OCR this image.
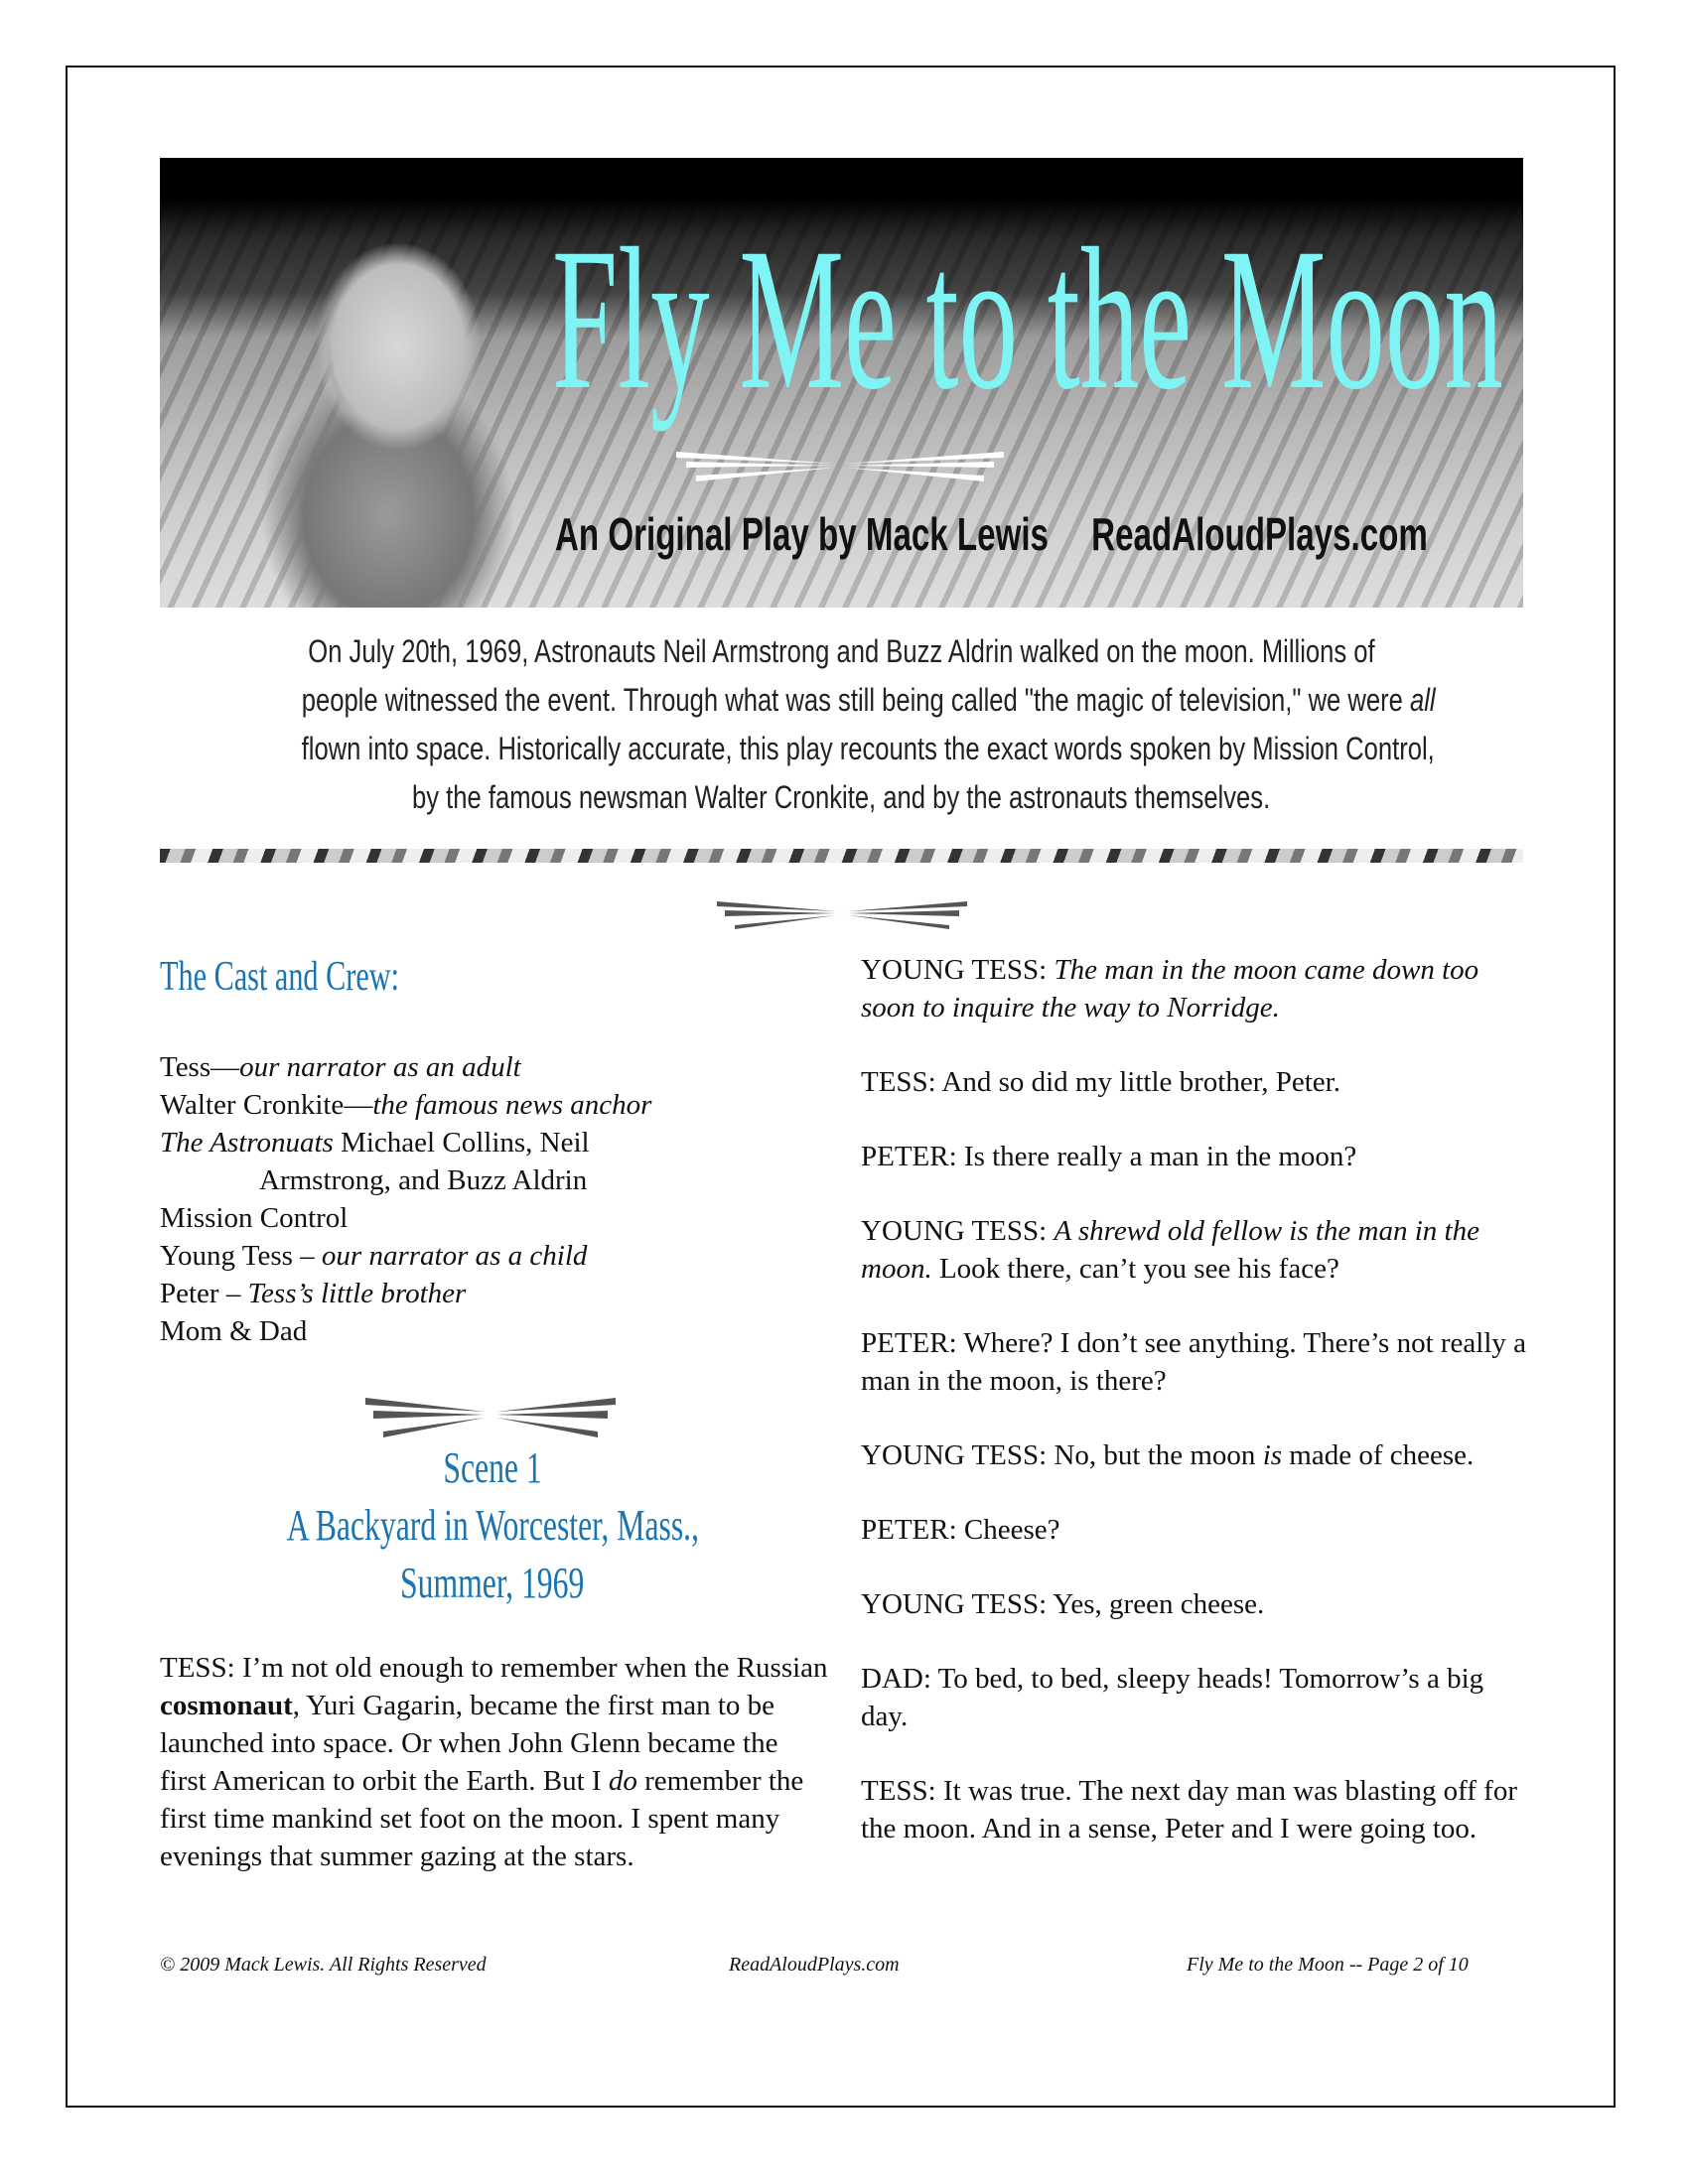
Fly Me to the Moon
An Original Play by Mack Lewis ReadAloudPlays.com
On July 20th, 1969, Astronauts Neil Armstrong and Buzz Aldrin walked on the moon. Millions of
people witnessed the event. Through what was still being called "the magic of television," we were all
flown into space. Historically accurate, this play recounts the exact words spoken by Mission Control,
by the famous newsman Walter Cronkite, and by the astronauts themselves.
The Cast and Crew:
Tess—our narrator as an adult
Walter Cronkite—the famous news anchor
The Astronuats Michael Collins, Neil
Armstrong, and Buzz Aldrin
Mission Control
Young Tess – our narrator as a child
Peter – Tess’s little brother
Mom & Dad
Scene 1
A Backyard in Worcester, Mass.,
Summer, 1969
TESS: I’m not old enough to remember when the Russian cosmonaut, Yuri Gagarin, became the first man to be launched into space. Or when John Glenn became the first American to orbit the Earth. But I do remember the first time mankind set foot on the moon. I spent many evenings that summer gazing at the stars.

YOUNG TESS: The man in the moon came down too soon to inquire the way to Norridge.

TESS: And so did my little brother, Peter.

PETER: Is there really a man in the moon?

YOUNG TESS: A shrewd old fellow is the man in the moon. Look there, can’t you see his face?

PETER: Where? I don’t see anything. There’s not really a man in the moon, is there?

YOUNG TESS: No, but the moon is made of cheese.

PETER: Cheese?

YOUNG TESS: Yes, green cheese.

DAD: To bed, to bed, sleepy heads! Tomorrow’s a big day.

TESS: It was true. The next day man was blasting off for the moon. And in a sense, Peter and I were going too.

© 2009 Mack Lewis. All Rights Reserved	ReadAloudPlays.com	Fly Me to the Moon -- Page 2 of 10
